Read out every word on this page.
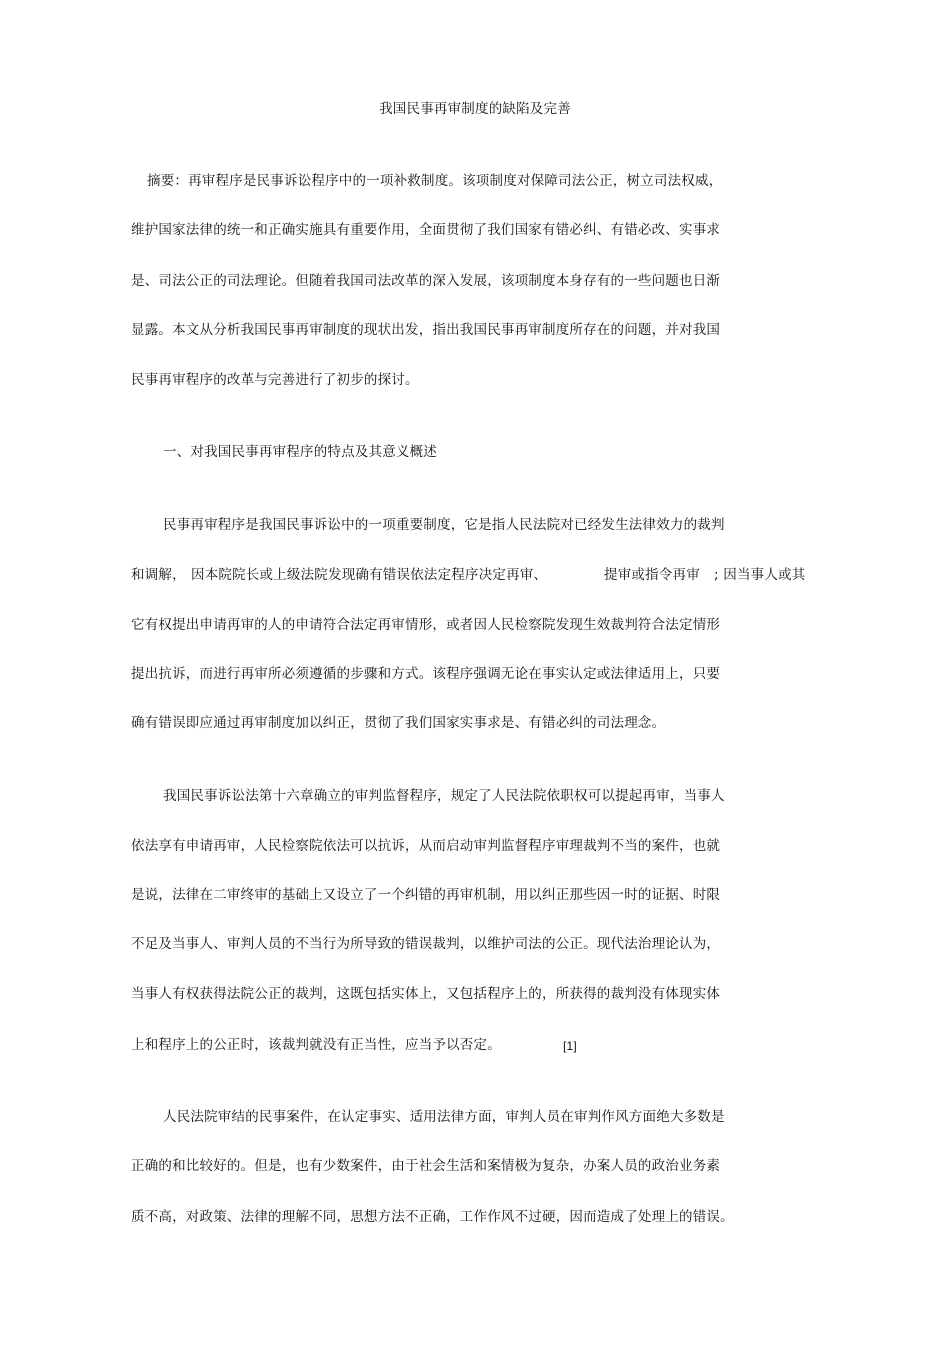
我国民事再审制度的缺陷及完善
摘要：再审程序是民事诉讼程序中的一项补救制度。该项制度对保障司法公正，树立司法权威，
维护国家法律的统一和正确实施具有重要作用，全面贯彻了我们国家有错必纠、有错必改、实事求
是、司法公正的司法理论。但随着我国司法改革的深入发展，该项制度本身存有的一些问题也日渐
显露。本文从分析我国民事再审制度的现状出发，指出我国民事再审制度所存在的问题，并对我国
民事再审程序的改革与完善进行了初步的探讨。
一、对我国民事再审程序的特点及其意义概述
民事再审程序是我国民事诉讼中的一项重要制度，它是指人民法院对已经发生法律效力的裁判
和调解， 因本院院长或上级法院发现确有错误依法定程序决定再审、	提审或指令再审 ; 因当事人或其
它有权提出申请再审的人的申请符合法定再审情形，或者因人民检察院发现生效裁判符合法定情形
提出抗诉，而进行再审所必须遵循的步骤和方式。该程序强调无论在事实认定或法律适用上，只要
确有错误即应通过再审制度加以纠正，贯彻了我们国家实事求是、有错必纠的司法理念。
我国民事诉讼法第十六章确立的审判监督程序，规定了人民法院依职权可以提起再审，当事人
依法享有申请再审，人民检察院依法可以抗诉，从而启动审判监督程序审理裁判不当的案件，也就
是说，法律在二审终审的基础上又设立了一个纠错的再审机制，用以纠正那些因一时的证据、时限
不足及当事人、审判人员的不当行为所导致的错误裁判，以维护司法的公正。现代法治理论认为，
当事人有权获得法院公正的裁判，这既包括实体上，又包括程序上的，所获得的裁判没有体现实体
上和程序上的公正时，该裁判就没有正当性，应当予以否定。	[1]
人民法院审结的民事案件，在认定事实、适用法律方面，审判人员在审判作风方面绝大多数是
正确的和比较好的。但是，也有少数案件，由于社会生活和案情极为复杂，办案人员的政治业务素
质不高，对政策、法律的理解不同，思想方法不正确，工作作风不过硬，因而造成了处理上的错误。
